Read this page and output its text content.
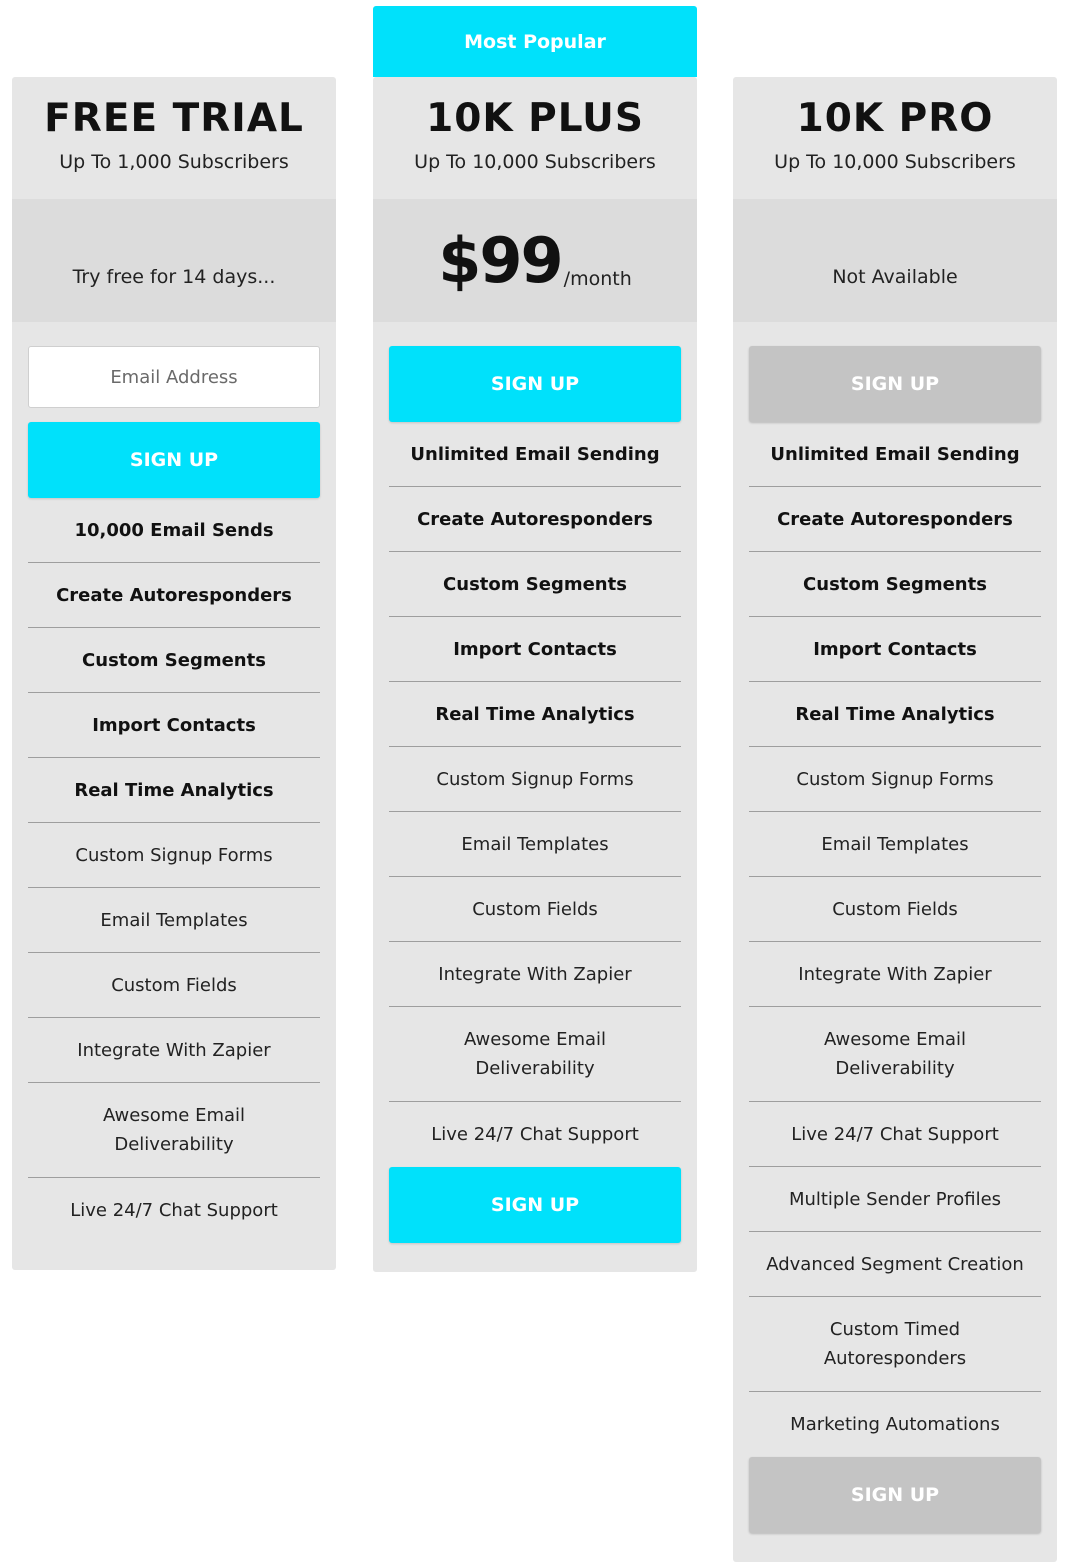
Most Popular
FREE TRIAL
Up To 1,000 Subscribers
Try free for 14 days...
Email Address
SIGN UP
10,000 Email Sends
Create Autoresponders
Custom Segments
Import Contacts
Real Time Analytics
Custom Signup Forms
Email Templates
Custom Fields
Integrate With Zapier
Awesome Email Deliverability
Live 24/7 Chat Support
10K PLUS
Up To 10,000 Subscribers
$99 /month
SIGN UP
Unlimited Email Sending
Create Autoresponders
Custom Segments
Import Contacts
Real Time Analytics
Custom Signup Forms
Email Templates
Custom Fields
Integrate With Zapier
Awesome Email Deliverability
Live 24/7 Chat Support
SIGN UP
10K PRO
Up To 10,000 Subscribers
Not Available
SIGN UP
Unlimited Email Sending
Create Autoresponders
Custom Segments
Import Contacts
Real Time Analytics
Custom Signup Forms
Email Templates
Custom Fields
Integrate With Zapier
Awesome Email Deliverability
Live 24/7 Chat Support
Multiple Sender Profiles
Advanced Segment Creation
Custom Timed Autoresponders
Marketing Automations
SIGN UP
